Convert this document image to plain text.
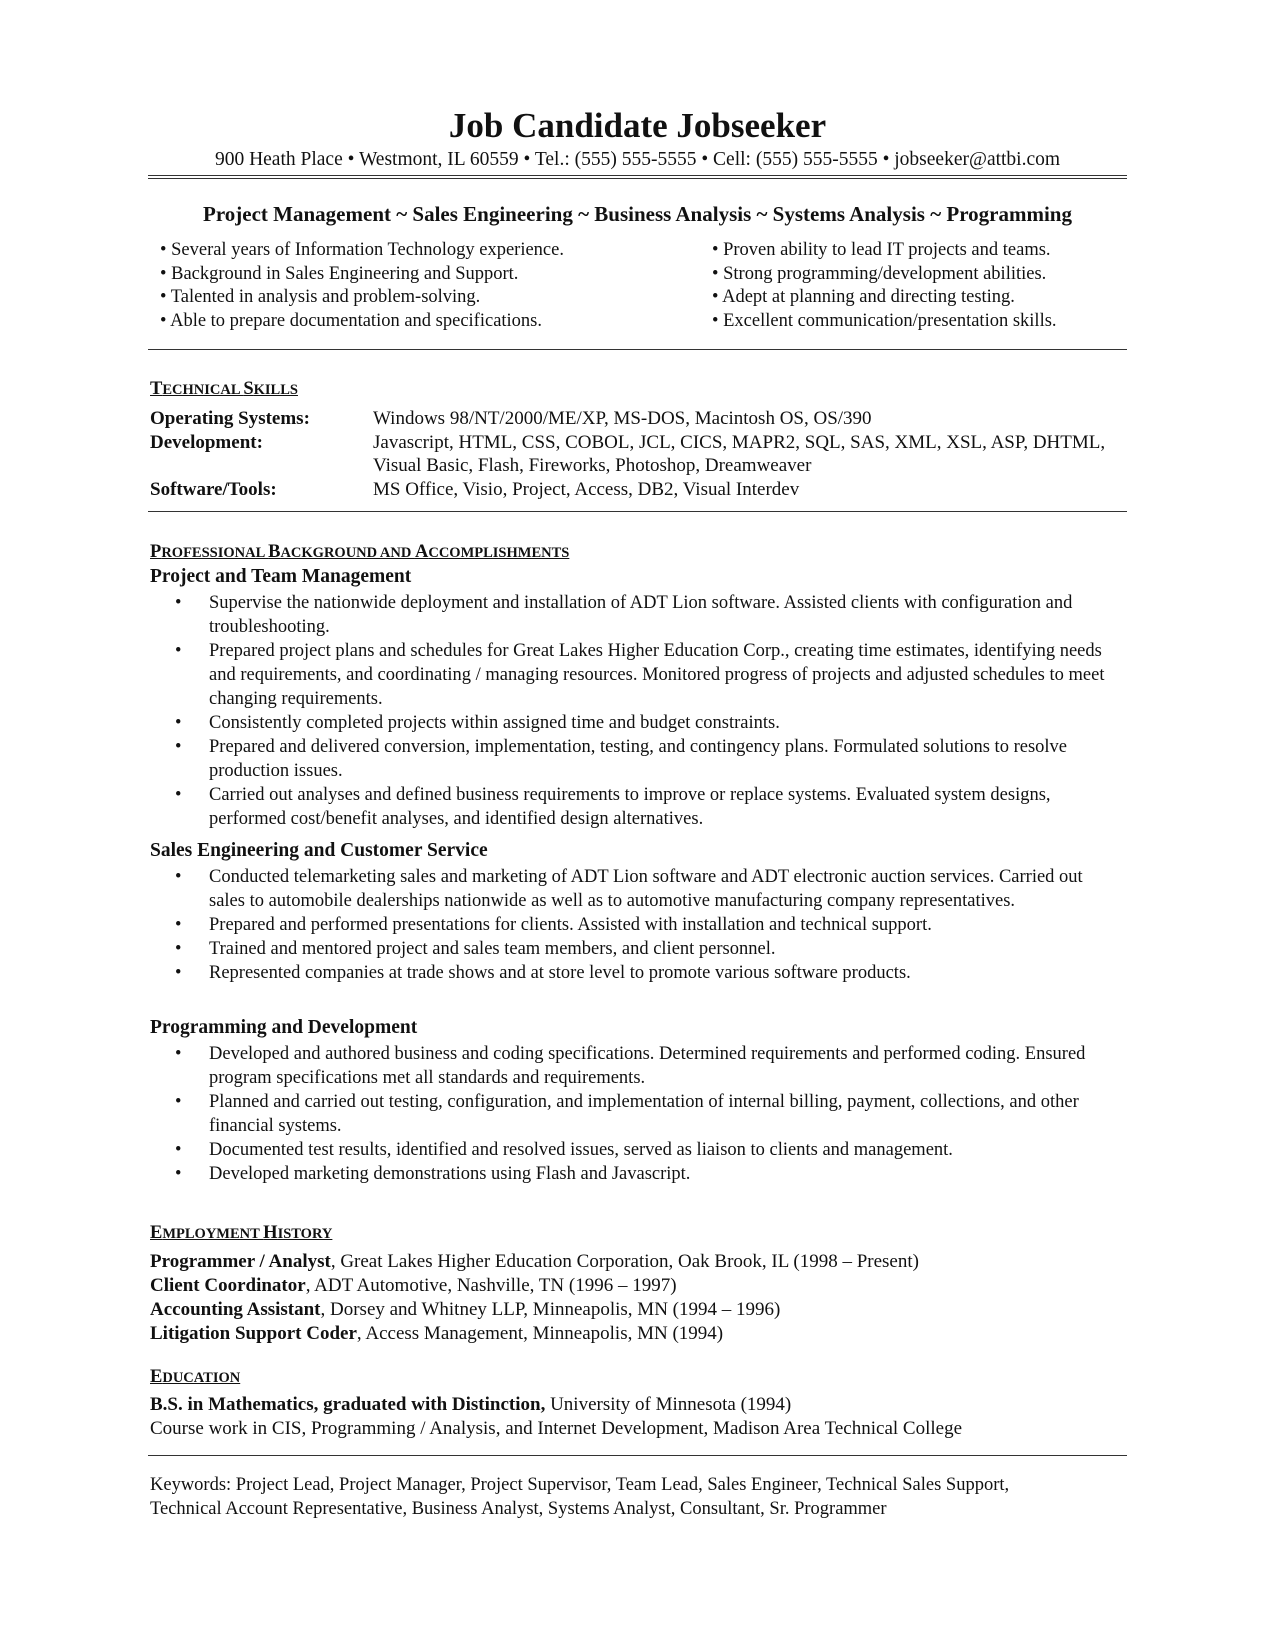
Job Candidate Jobseeker
900 Heath Place • Westmont, IL 60559 • Tel.: (555) 555-5555 • Cell: (555) 555-5555 • jobseeker@attbi.com
Project Management ~ Sales Engineering ~ Business Analysis ~ Systems Analysis ~ Programming
• Several years of Information Technology experience.
• Background in Sales Engineering and Support.
• Talented in analysis and problem-solving.
• Able to prepare documentation and specifications.
• Proven ability to lead IT projects and teams.
• Strong programming/development abilities.
• Adept at planning and directing testing.
• Excellent communication/presentation skills.
TECHNICAL SKILLS
Operating Systems:	Windows 98/NT/2000/ME/XP, MS-DOS, Macintosh OS, OS/390
Development:	Javascript, HTML, CSS, COBOL, JCL, CICS, MAPR2, SQL, SAS, XML, XSL, ASP, DHTML, Visual Basic, Flash, Fireworks, Photoshop, Dreamweaver
Software/Tools:	MS Office, Visio, Project, Access, DB2, Visual Interdev
PROFESSIONAL BACKGROUND AND ACCOMPLISHMENTS
Project and Team Management
• Supervise the nationwide deployment and installation of ADT Lion software. Assisted clients with configuration and troubleshooting.
• Prepared project plans and schedules for Great Lakes Higher Education Corp., creating time estimates, identifying needs and requirements, and coordinating / managing resources. Monitored progress of projects and adjusted schedules to meet changing requirements.
• Consistently completed projects within assigned time and budget constraints.
• Prepared and delivered conversion, implementation, testing, and contingency plans. Formulated solutions to resolve production issues.
• Carried out analyses and defined business requirements to improve or replace systems. Evaluated system designs, performed cost/benefit analyses, and identified design alternatives.
Sales Engineering and Customer Service
• Conducted telemarketing sales and marketing of ADT Lion software and ADT electronic auction services. Carried out sales to automobile dealerships nationwide as well as to automotive manufacturing company representatives.
• Prepared and performed presentations for clients. Assisted with installation and technical support.
• Trained and mentored project and sales team members, and client personnel.
• Represented companies at trade shows and at store level to promote various software products.
Programming and Development
• Developed and authored business and coding specifications. Determined requirements and performed coding. Ensured program specifications met all standards and requirements.
• Planned and carried out testing, configuration, and implementation of internal billing, payment, collections, and other financial systems.
• Documented test results, identified and resolved issues, served as liaison to clients and management.
• Developed marketing demonstrations using Flash and Javascript.
EMPLOYMENT HISTORY
Programmer / Analyst, Great Lakes Higher Education Corporation, Oak Brook, IL (1998 – Present)
Client Coordinator, ADT Automotive, Nashville, TN (1996 – 1997)
Accounting Assistant, Dorsey and Whitney LLP, Minneapolis, MN (1994 – 1996)
Litigation Support Coder, Access Management, Minneapolis, MN (1994)
EDUCATION
B.S. in Mathematics, graduated with Distinction, University of Minnesota (1994)
Course work in CIS, Programming / Analysis, and Internet Development, Madison Area Technical College
Keywords: Project Lead, Project Manager, Project Supervisor, Team Lead, Sales Engineer, Technical Sales Support, Technical Account Representative, Business Analyst, Systems Analyst, Consultant, Sr. Programmer
